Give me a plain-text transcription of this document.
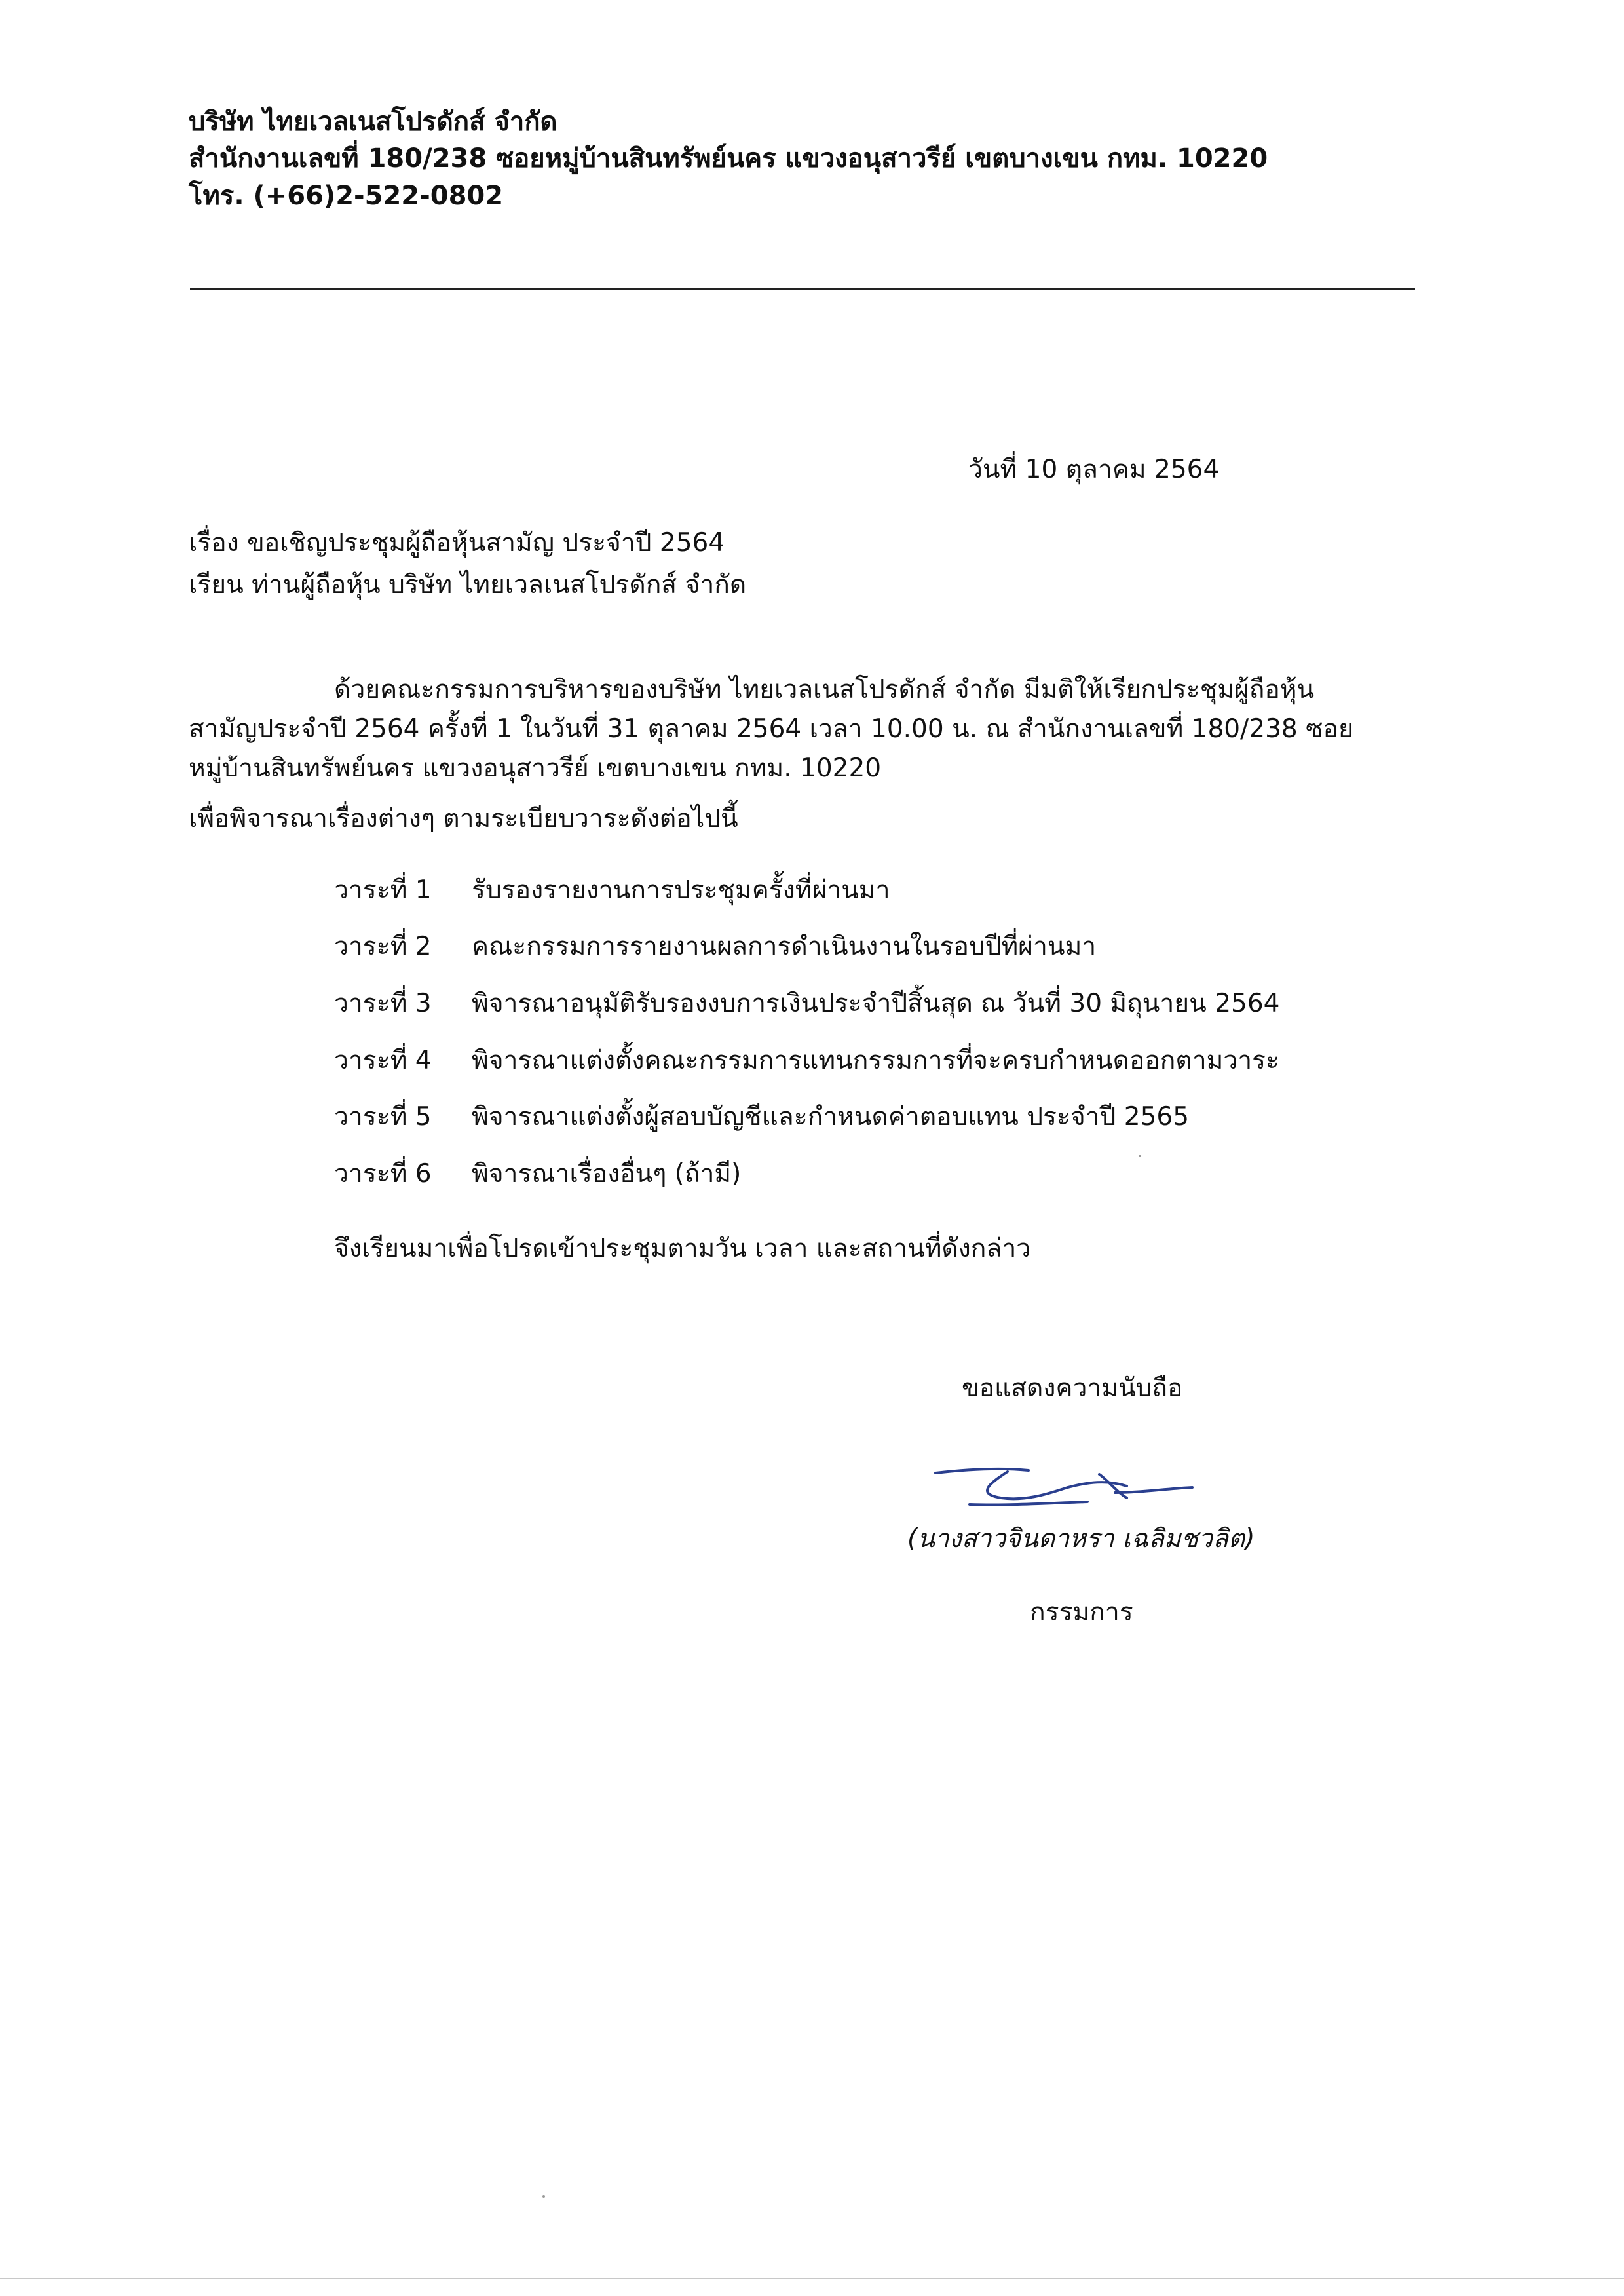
บริษัท ไทยเวลเนสโปรดักส์ จำกัด
สำนักงานเลขที่ 180/238 ซอยหมู่บ้านสินทรัพย์นคร แขวงอนุสาวรีย์ เขตบางเขน กทม. 10220
โทร. (+66)2-522-0802
วันที่ 10 ตุลาคม 2564
เรื่อง ขอเชิญประชุมผู้ถือหุ้นสามัญ ประจำปี 2564
เรียน ท่านผู้ถือหุ้น บริษัท ไทยเวลเนสโปรดักส์ จำกัด
ด้วยคณะกรรมการบริหารของบริษัท ไทยเวลเนสโปรดักส์ จำกัด มีมติให้เรียกประชุมผู้ถือหุ้น
สามัญประจำปี 2564 ครั้งที่ 1 ในวันที่ 31 ตุลาคม 2564 เวลา 10.00 น. ณ สำนักงานเลขที่ 180/238 ซอย
หมู่บ้านสินทรัพย์นคร แขวงอนุสาวรีย์ เขตบางเขน กทม. 10220
เพื่อพิจารณาเรื่องต่างๆ ตามระเบียบวาระดังต่อไปนี้
วาระที่ 1 รับรองรายงานการประชุมครั้งที่ผ่านมา
วาระที่ 2 คณะกรรมการรายงานผลการดำเนินงานในรอบปีที่ผ่านมา
วาระที่ 3 พิจารณาอนุมัติรับรองงบการเงินประจำปีสิ้นสุด ณ วันที่ 30 มิถุนายน 2564
วาระที่ 4 พิจารณาแต่งตั้งคณะกรรมการแทนกรรมการที่จะครบกำหนดออกตามวาระ
วาระที่ 5 พิจารณาแต่งตั้งผู้สอบบัญชีและกำหนดค่าตอบแทน ประจำปี 2565
วาระที่ 6 พิจารณาเรื่องอื่นๆ (ถ้ามี)
จึงเรียนมาเพื่อโปรดเข้าประชุมตามวัน เวลา และสถานที่ดังกล่าว
ขอแสดงความนับถือ
(นางสาวจินดาหรา เฉลิมชวลิต)
กรรมการ
